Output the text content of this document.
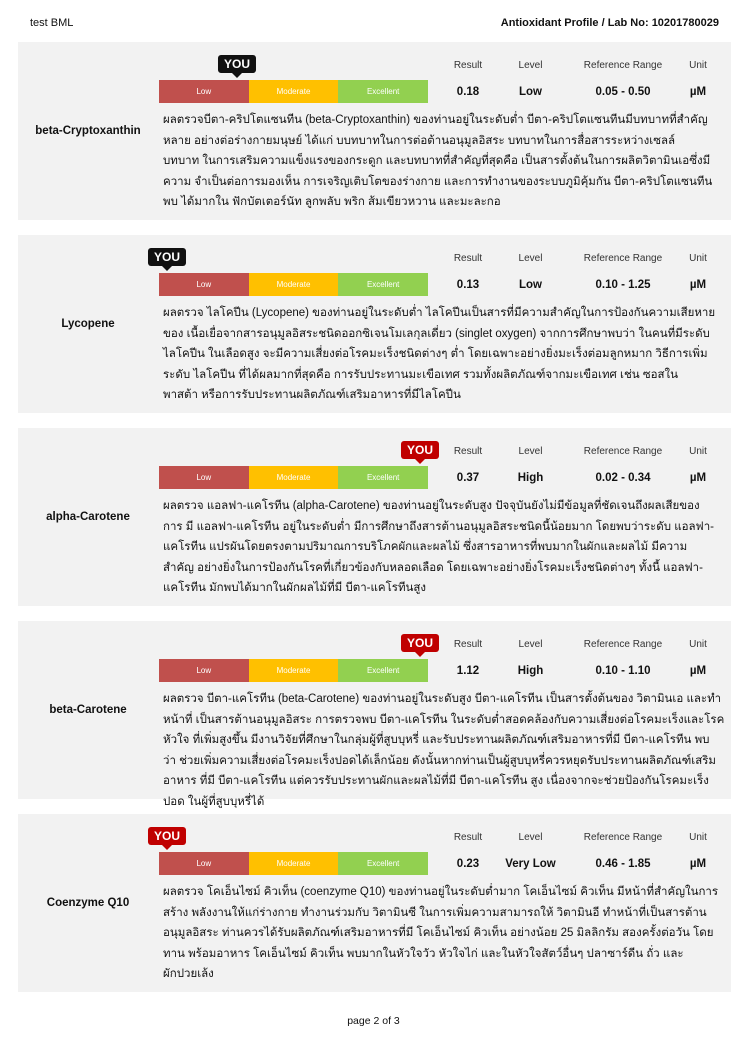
test BML	Antioxidant Profile / Lab No: 10201780029
beta-Cryptoxanthin
Low	Moderate	Excellent
YOU	Result	Level	Reference Range	Unit
0.18	Low	0.05 - 0.50	µM
ผลตรวจบีตา-คริปโตแซนทีน (beta-Cryptoxanthin) ของท่านอยู่ในระดับต่ำ บีตา-คริปโตแซนทีนมีบทบาทที่สำคัญ
หลาย อย่างต่อร่างกายมนุษย์ ได้แก่ บบทบาทในการต่อต้านอนุมูลอิสระ บทบาทในการสื่อสารระหว่างเซลล์
บทบาท ในการเสริมความแข็งแรงของกระดูก และบทบาทที่สำคัญที่สุดคือ เป็นสารตั้งต้นในการผลิตวิตามินเอซึ่งมี
ความ จำเป็นต่อการมองเห็น การเจริญเติบโตของร่างกาย และการทำงานของระบบภูมิคุ้มกัน บีตา-คริปโตแซนทีน
พบ ได้มากใน ฟักบัตเตอร์นัท ลูกพลับ พริก ส้มเขียวหวาน และมะละกอ
Lycopene
Low	Moderate	Excellent
YOU	Result	Level	Reference Range	Unit
0.13	Low	0.10 - 1.25	µM
ผลตรวจ ไลโคปีน (Lycopene) ของท่านอยู่ในระดับต่ำ ไลโคปีนเป็นสารที่มีความสำคัญในการป้องกันความเสียหาย
ของ เนื้อเยื่อจากสารอนุมูลอิสระชนิดออกซิเจนโมเลกุลเดี่ยว (singlet oxygen) จากการศึกษาพบว่า ในคนที่มีระดับ
ไลโคปีน ในเลือดสูง จะมีความเสี่ยงต่อโรคมะเร็งชนิดต่างๆ ต่ำ โดยเฉพาะอย่างยิ่งมะเร็งต่อมลูกหมาก วิธีการเพิ่ม
ระดับ ไลโคปีน ที่ได้ผลมากที่สุดคือ การรับประทานมะเขือเทศ รวมทั้งผลิตภัณฑ์จากมะเขือเทศ เช่น ซอสใน
พาสต้า หรือการรับประทานผลิตภัณฑ์เสริมอาหารที่มีไลโคปีน
alpha-Carotene
Low	Moderate	Excellent
YOU	Result	Level	Reference Range	Unit
0.37	High	0.02 - 0.34	µM
ผลตรวจ แอลฟา-แคโรทีน (alpha-Carotene) ของท่านอยู่ในระดับสูง ปัจจุบันยังไม่มีข้อมูลที่ชัดเจนถึงผลเสียของ
การ มี แอลฟา-แคโรทีน อยู่ในระดับต่ำ มีการศึกษาถึงสารต้านอนุมูลอิสระชนิดนี้น้อยมาก โดยพบว่าระดับ แอลฟา-
แคโรทีน แปรผันโดยตรงตามปริมาณการบริโภคผักและผลไม้ ซึ่งสารอาหารที่พบมากในผักและผลไม้ มีความ
สำคัญ อย่างยิ่งในการป้องกันโรคที่เกี่ยวข้องกับหลอดเลือด โดยเฉพาะอย่างยิ่งโรคมะเร็งชนิดต่างๆ ทั้งนี้ แอลฟา-
แคโรทีน มักพบได้มากในผักผลไม้ที่มี บีตา-แคโรทีนสูง
beta-Carotene
Low	Moderate	Excellent
YOU	Result	Level	Reference Range	Unit
1.12	High	0.10 - 1.10	µM
ผลตรวจ บีตา-แคโรทีน (beta-Carotene) ของท่านอยู่ในระดับสูง บีตา-แคโรทีน เป็นสารตั้งต้นของ วิตามินเอ และทำ
หน้าที่ เป็นสารต้านอนุมูลอิสระ การตรวจพบ บีตา-แคโรทีน ในระดับต่ำสอดคล้องกับความเสี่ยงต่อโรคมะเร็งและโรค
หัวใจ ที่เพิ่มสูงขึ้น มีงานวิจัยที่ศึกษาในกลุ่มผู้ที่สูบบุหรี่ และรับประทานผลิตภัณฑ์เสริมอาหารที่มี บีตา-แคโรทีน พบ
ว่า ช่วยเพิ่มความเสี่ยงต่อโรคมะเร็งปอดได้เล็กน้อย ดังนั้นหากท่านเป็นผู้สูบบุหรี่ควรหยุดรับประทานผลิตภัณฑ์เสริม
อาหาร ที่มี บีตา-แคโรทีน แต่ควรรับประทานผักและผลไม้ที่มี บีตา-แคโรทีน สูง เนื่องจากจะช่วยป้องกันโรคมะเร็ง
ปอด ในผู้ที่สูบบุหรี่ได้
Coenzyme Q10
Low	Moderate	Excellent
YOU	Result	Level	Reference Range	Unit
0.23	Very Low	0.46 - 1.85	µM
ผลตรวจ โคเอ็นไซม์ คิวเท็น (coenzyme Q10) ของท่านอยู่ในระดับต่ำมาก โคเอ็นไซม์ คิวเท็น มีหน้าที่สำคัญในการ
สร้าง พลังงานให้แก่ร่างกาย ทำงานร่วมกับ วิตามินซี ในการเพิ่มความสามารถให้ วิตามินอี ทำหน้าที่เป็นสารต้าน
อนุมูลอิสระ ท่านควรได้รับผลิตภัณฑ์เสริมอาหารที่มี โคเอ็นไซม์ คิวเท็น อย่างน้อย 25 มิลลิกรัม สองครั้งต่อวัน โดย
ทาน พร้อมอาหาร โคเอ็นไซม์ คิวเท็น พบมากในหัวใจวัว หัวใจไก่ และในหัวใจสัตว์อื่นๆ ปลาซาร์ดีน ถั่ว และ
ผักปวยเล้ง
page 2 of 3
